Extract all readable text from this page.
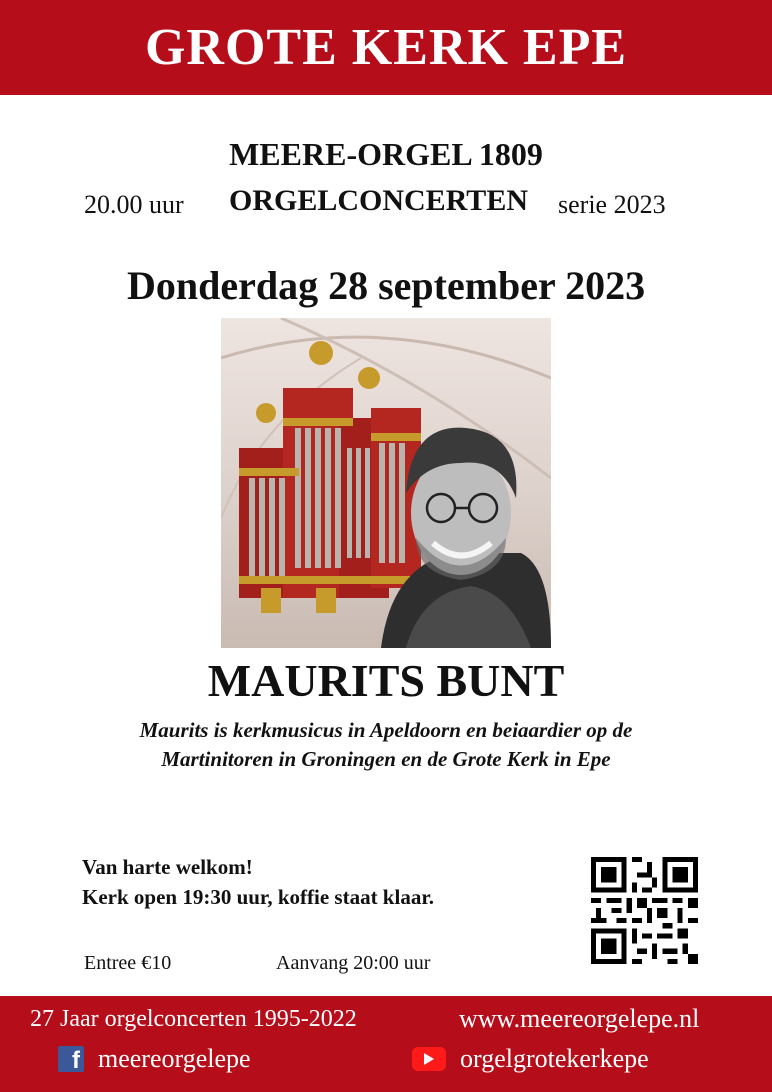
GROTE KERK EPE
MEERE-ORGEL 1809
20.00 uur ORGELCONCERTEN serie 2023
Donderdag 28 september 2023
MAURITS BUNT
Maurits is kerkmusicus in Apeldoorn en beiaardier op de
Martinitoren in Groningen en de Grote Kerk in Epe
Van harte welkom!
Kerk open 19:30 uur, koffie staat klaar.
Entree €10	Aanvang 20:00 uur
27 Jaar orgelconcerten 1995-2022	www.meereorgelepe.nl
f meereorgelepe	orgelgrotekerkepe
